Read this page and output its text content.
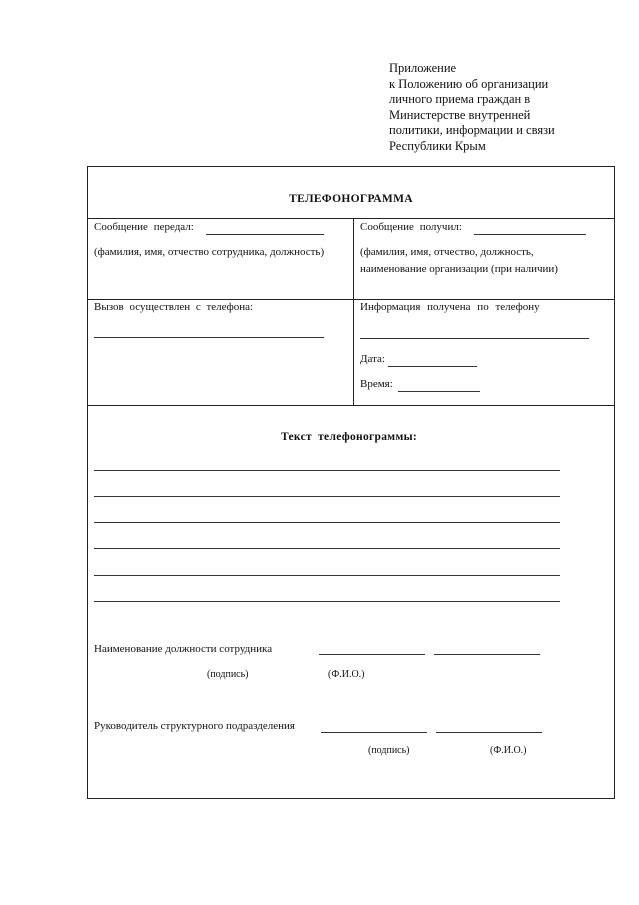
Приложение
к Положению об организации
личного приема граждан в
Министерстве внутренней
политики, информации и связи
Республики Крым
ТЕЛЕФОНОГРАММА
Сообщение передал:
(фамилия, имя, отчество сотрудника, должность)
Вызов осуществлен с телефона:
Сообщение получил:
(фамилия, имя, отчество, должность,
наименование организации (при наличии)
Информация получена по телефону
Дата:
Время:
Текст телефонограммы:
Наименование должности сотрудника
(подпись)	(Ф.И.О.)
Руководитель структурного подразделения
(подпись)	(Ф.И.О.)
